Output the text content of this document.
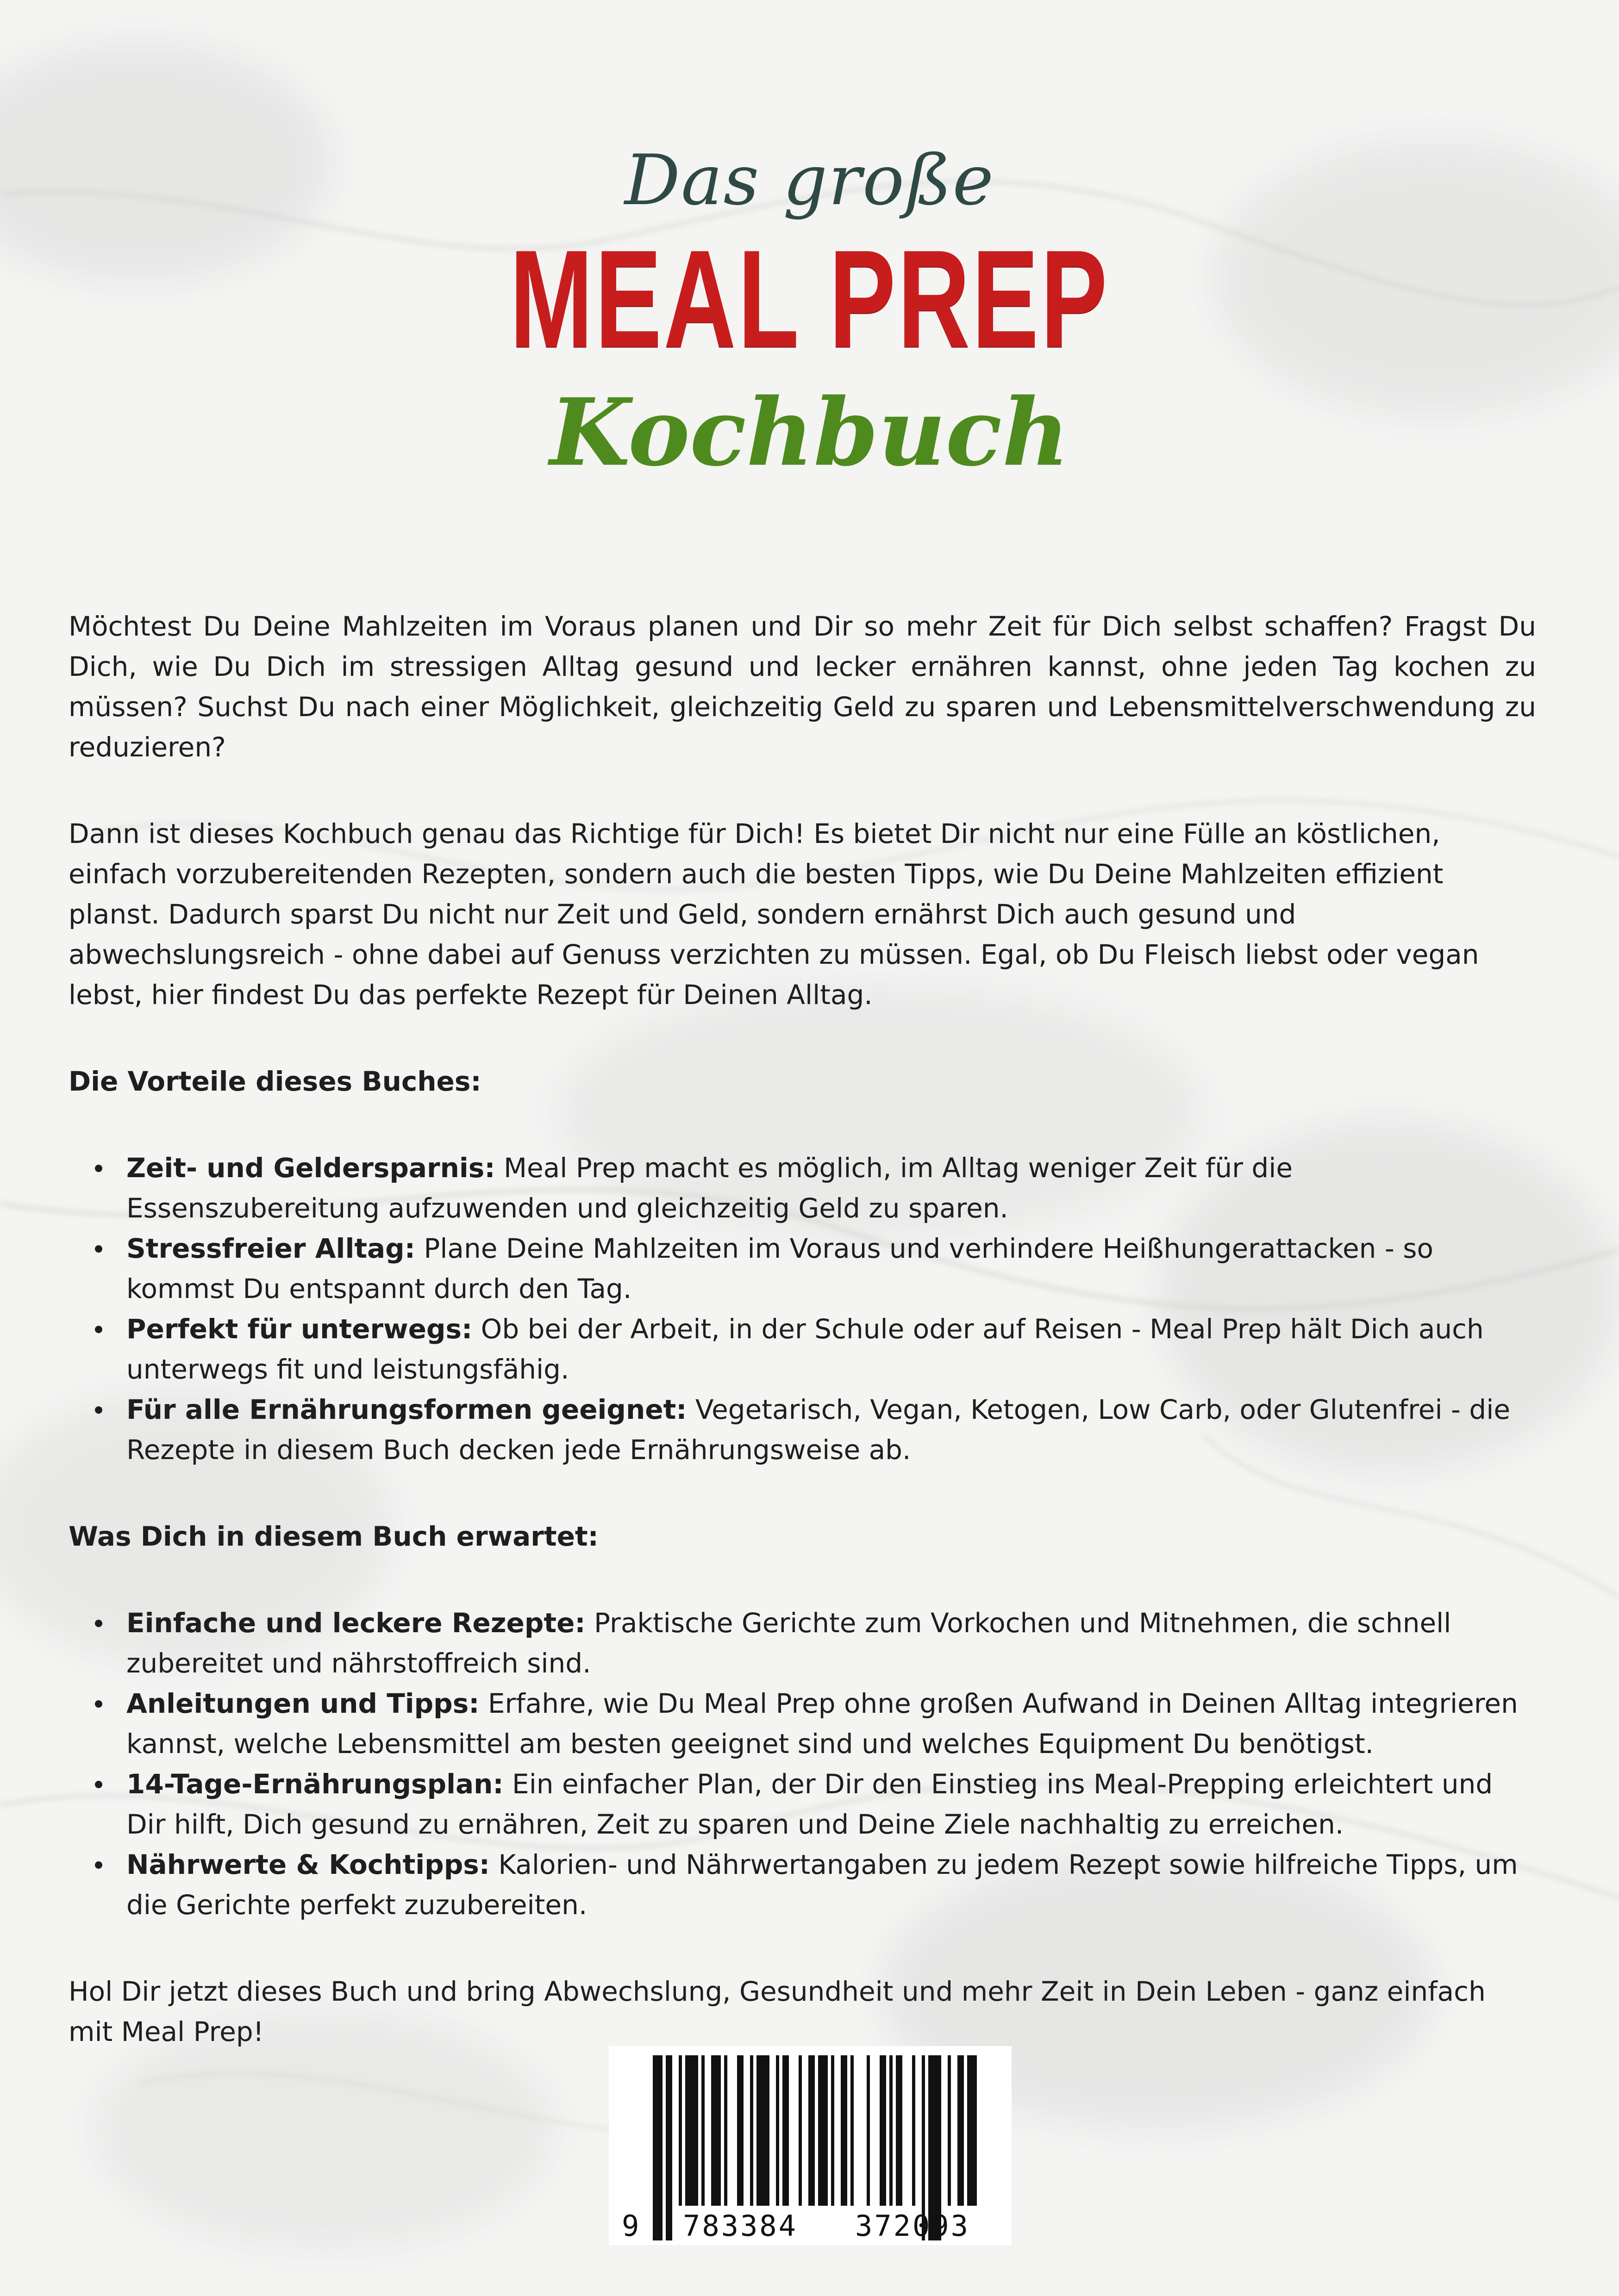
Das große
MEAL PREP
Kochbuch

Möchtest Du Deine Mahlzeiten im Voraus planen und Dir so mehr Zeit für Dich selbst schaffen? Fragst Du Dich, wie Du Dich im stressigen Alltag gesund und lecker ernähren kannst, ohne jeden Tag kochen zu müssen? Suchst Du nach einer Möglichkeit, gleichzeitig Geld zu sparen und Lebensmittelverschwendung zu reduzieren?

Dann ist dieses Kochbuch genau das Richtige für Dich! Es bietet Dir nicht nur eine Fülle an köstlichen, einfach vorzubereitenden Rezepten, sondern auch die besten Tipps, wie Du Deine Mahlzeiten effizient planst. Dadurch sparst Du nicht nur Zeit und Geld, sondern ernährst Dich auch gesund und abwechslungsreich - ohne dabei auf Genuss verzichten zu müssen. Egal, ob Du Fleisch liebst oder vegan lebst, hier findest Du das perfekte Rezept für Deinen Alltag.

Die Vorteile dieses Buches:

Zeit- und Geldersparnis: Meal Prep macht es möglich, im Alltag weniger Zeit für die Essenszubereitung aufzuwenden und gleichzeitig Geld zu sparen.
Stressfreier Alltag: Plane Deine Mahlzeiten im Voraus und verhindere Heißhungerattacken - so kommst Du entspannt durch den Tag.
Perfekt für unterwegs: Ob bei der Arbeit, in der Schule oder auf Reisen - Meal Prep hält Dich auch unterwegs fit und leistungsfähig.
Für alle Ernährungsformen geeignet: Vegetarisch, Vegan, Ketogen, Low Carb, oder Glutenfrei - die Rezepte in diesem Buch decken jede Ernährungsweise ab.

Was Dich in diesem Buch erwartet:

Einfache und leckere Rezepte: Praktische Gerichte zum Vorkochen und Mitnehmen, die schnell zubereitet und nährstoffreich sind.
Anleitungen und Tipps: Erfahre, wie Du Meal Prep ohne großen Aufwand in Deinen Alltag integrieren kannst, welche Lebensmittel am besten geeignet sind und welches Equipment Du benötigst.
14-Tage-Ernährungsplan: Ein einfacher Plan, der Dir den Einstieg ins Meal-Prepping erleichtert und Dir hilft, Dich gesund zu ernähren, Zeit zu sparen und Deine Ziele nachhaltig zu erreichen.
Nährwerte & Kochtipps: Kalorien- und Nährwertangaben zu jedem Rezept sowie hilfreiche Tipps, um die Gerichte perfekt zuzubereiten.

Hol Dir jetzt dieses Buch und bring Abwechslung, Gesundheit und mehr Zeit in Dein Leben - ganz einfach mit Meal Prep!

9 783384 372093
